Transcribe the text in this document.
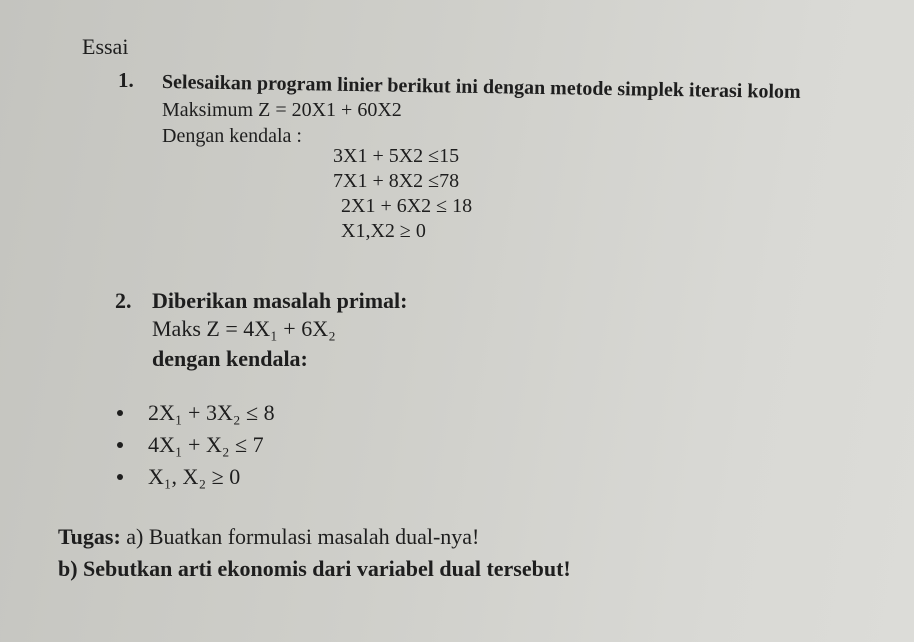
Essai
1. Selesaikan program linier berikut ini dengan metode simplek iterasi kolom
Maksimum Z = 20X1 + 60X2
Dengan kendala :
3X1 + 5X2 ≤15
7X1 + 8X2 ≤78
2X1 + 6X2 ≤ 18
X1,X2 ≥ 0
2. Diberikan masalah primal:
Maks Z = 4X₁ + 6X₂
dengan kendala:
2X₁ + 3X₂ ≤ 8
4X₁ + X₂ ≤ 7
X₁, X₂ ≥ 0
Tugas: a) Buatkan formulasi masalah dual-nya!
b) Sebutkan arti ekonomis dari variabel dual tersebut!
